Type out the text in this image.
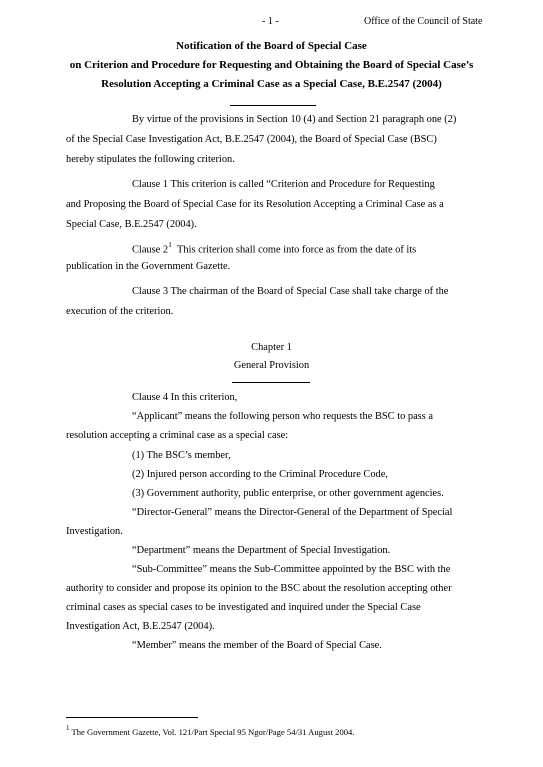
- 1 -	Office of the Council of State
Notification of the Board of Special Case
on Criterion and Procedure for Requesting and Obtaining the Board of Special Case’s
Resolution Accepting a Criminal Case as a Special Case, B.E.2547 (2004)
By virtue of the provisions in Section 10 (4) and Section 21 paragraph one (2)
of the Special Case Investigation Act, B.E.2547 (2004), the Board of Special Case (BSC)
hereby stipulates the following criterion.
Clause 1 This criterion is called “Criterion and Procedure for Requesting
and Proposing the Board of Special Case for its Resolution Accepting a Criminal Case as a
Special Case, B.E.2547 (2004).
Clause $2^1$ This criterion shall come into force as from the date of its
publication in the Government Gazette.
Clause 3 The chairman of the Board of Special Case shall take charge of the
execution of the criterion.
Chapter 1
General Provision
Clause 4 In this criterion,
“Applicant” means the following person who requests the BSC to pass a
resolution accepting a criminal case as a special case:
(1) The BSC’s member,
(2) Injured person according to the Criminal Procedure Code,
(3) Government authority, public enterprise, or other government agencies.
“Director-General” means the Director-General of the Department of Special
Investigation.
“Department” means the Department of Special Investigation.
“Sub-Committee” means the Sub-Committee appointed by the BSC with the
authority to consider and propose its opinion to the BSC about the resolution accepting other
criminal cases as special cases to be investigated and inquired under the Special Case
Investigation Act, B.E.2547 (2004).
“Member” means the member of the Board of Special Case.
$^1$ The Government Gazette, Vol. 121/Part Special 95 Ngor/Page 54/31 August 2004.
